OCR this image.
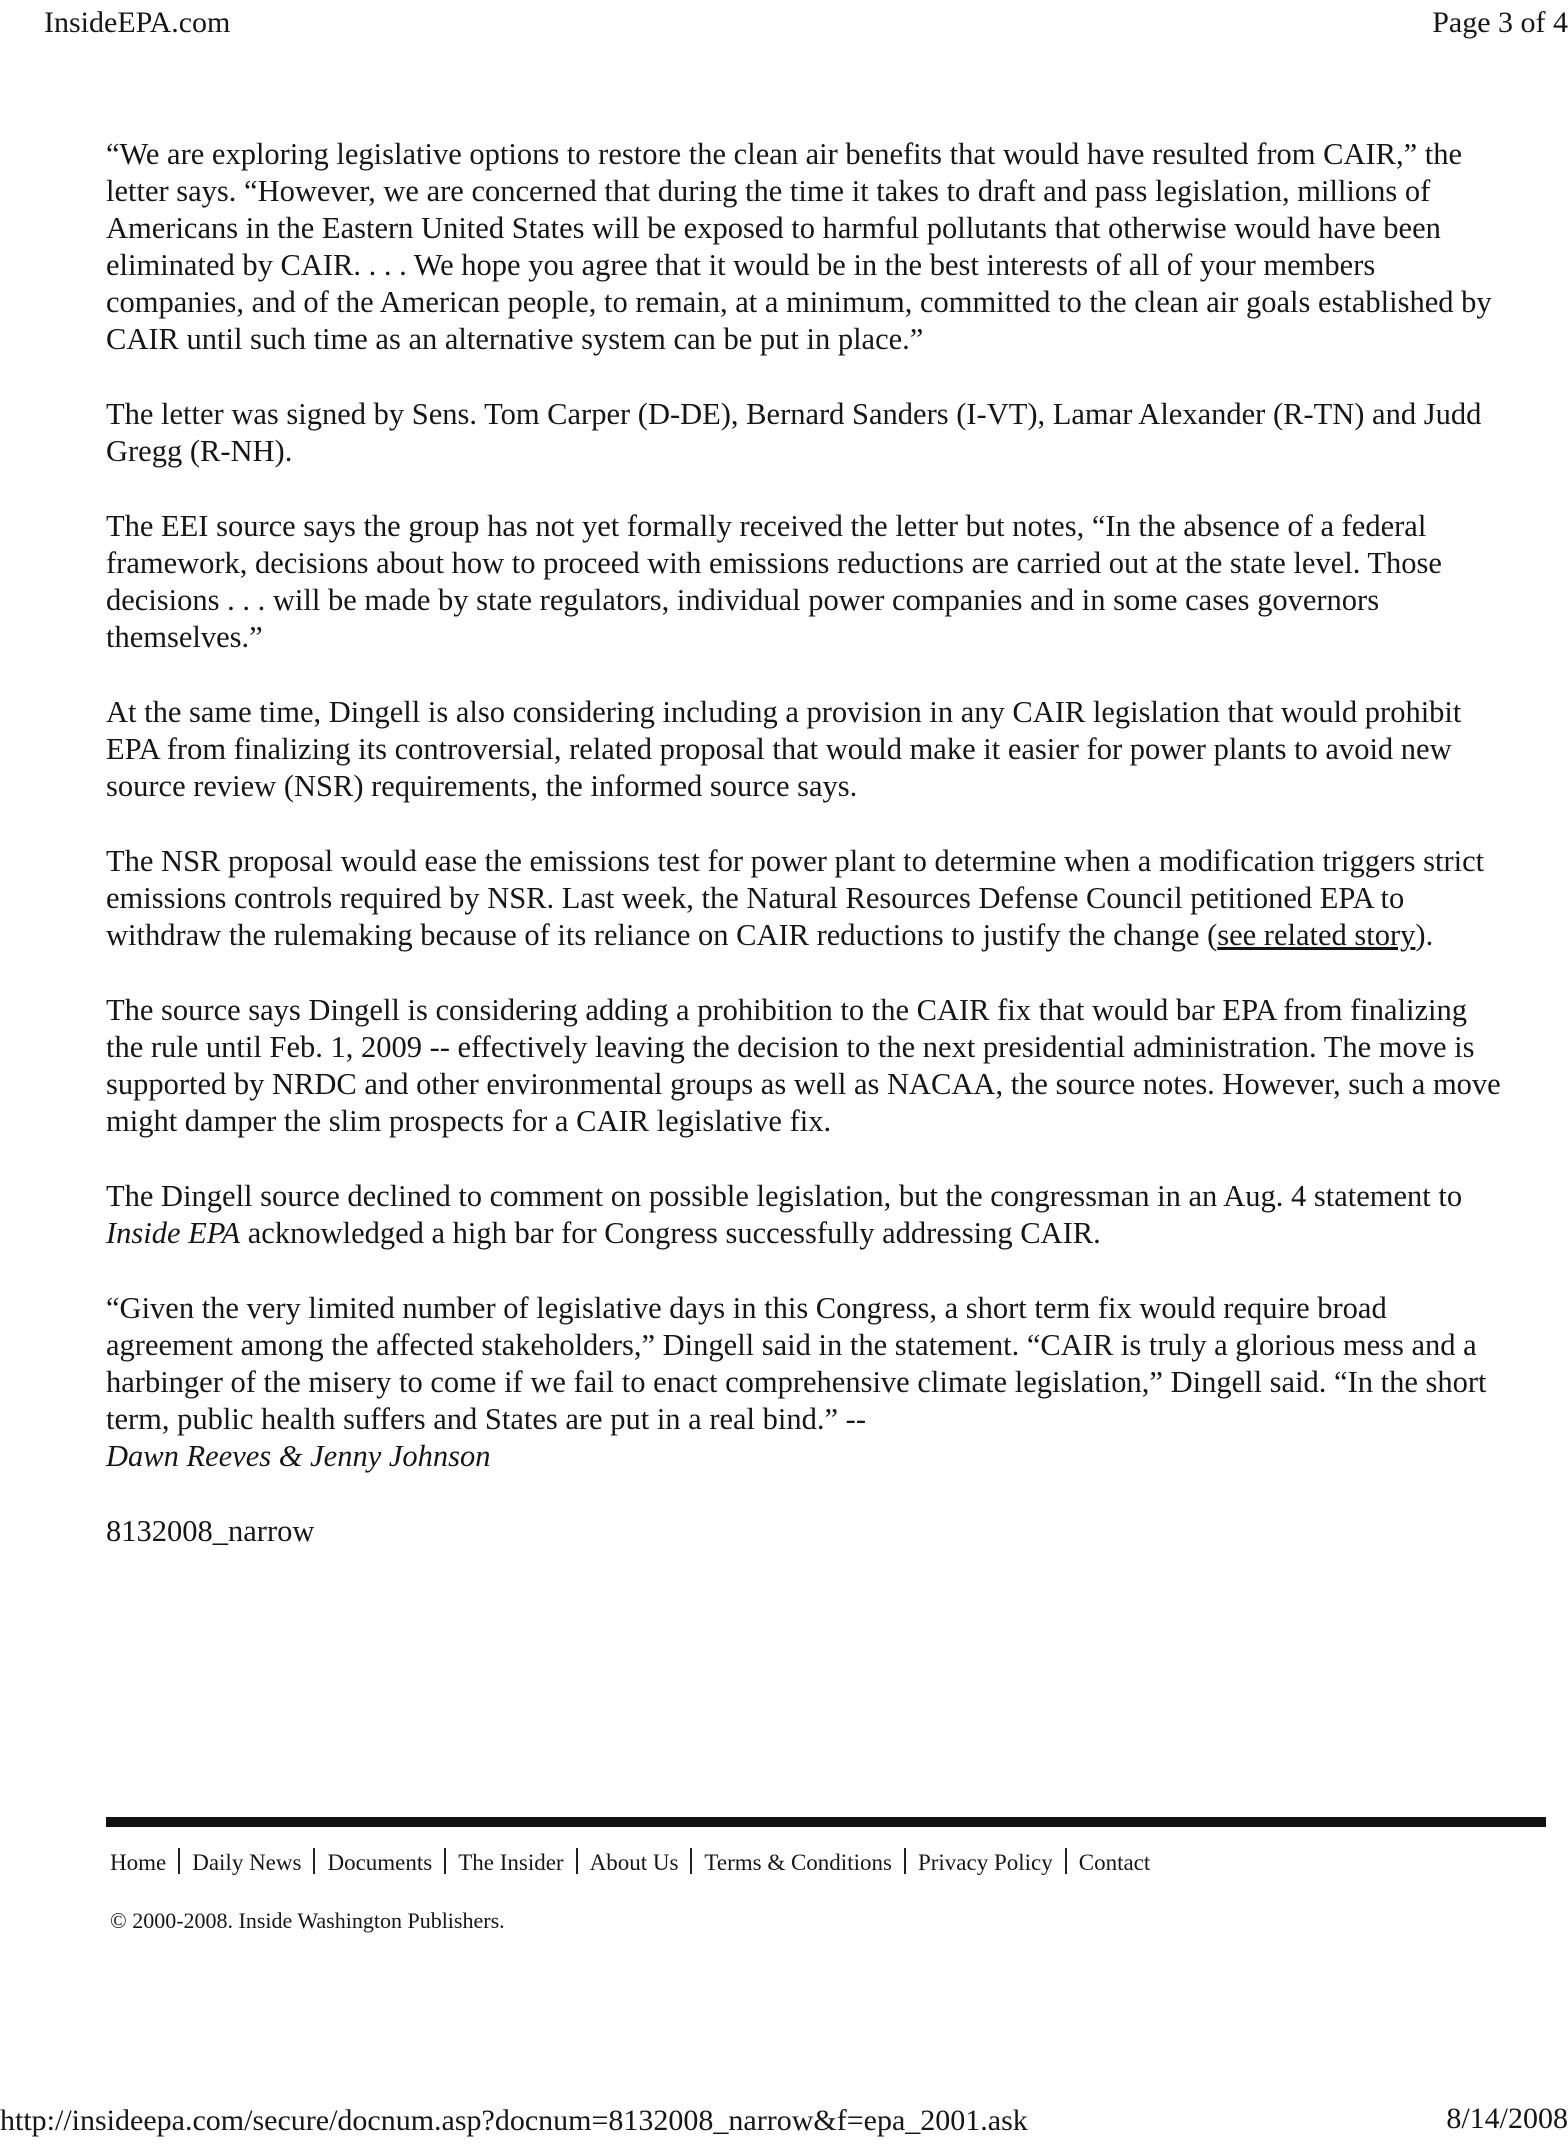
InsideEPA.com	Page 3 of 4

“We are exploring legislative options to restore the clean air benefits that would have resulted from CAIR,” the letter says. “However, we are concerned that during the time it takes to draft and pass legislation, millions of Americans in the Eastern United States will be exposed to harmful pollutants that otherwise would have been eliminated by CAIR. . . . We hope you agree that it would be in the best interests of all of your members companies, and of the American people, to remain, at a minimum, committed to the clean air goals established by CAIR until such time as an alternative system can be put in place.”

The letter was signed by Sens. Tom Carper (D-DE), Bernard Sanders (I-VT), Lamar Alexander (R-TN) and Judd Gregg (R-NH).

The EEI source says the group has not yet formally received the letter but notes, “In the absence of a federal framework, decisions about how to proceed with emissions reductions are carried out at the state level. Those decisions . . . will be made by state regulators, individual power companies and in some cases governors themselves.”

At the same time, Dingell is also considering including a provision in any CAIR legislation that would prohibit EPA from finalizing its controversial, related proposal that would make it easier for power plants to avoid new source review (NSR) requirements, the informed source says.

The NSR proposal would ease the emissions test for power plant to determine when a modification triggers strict emissions controls required by NSR. Last week, the Natural Resources Defense Council petitioned EPA to withdraw the rulemaking because of its reliance on CAIR reductions to justify the change (see related story).

The source says Dingell is considering adding a prohibition to the CAIR fix that would bar EPA from finalizing the rule until Feb. 1, 2009 -- effectively leaving the decision to the next presidential administration. The move is supported by NRDC and other environmental groups as well as NACAA, the source notes. However, such a move might damper the slim prospects for a CAIR legislative fix.

The Dingell source declined to comment on possible legislation, but the congressman in an Aug. 4 statement to Inside EPA acknowledged a high bar for Congress successfully addressing CAIR.

“Given the very limited number of legislative days in this Congress, a short term fix would require broad agreement among the affected stakeholders,” Dingell said in the statement. “CAIR is truly a glorious mess and a harbinger of the misery to come if we fail to enact comprehensive climate legislation,” Dingell said. “In the short term, public health suffers and States are put in a real bind.” --
Dawn Reeves & Jenny Johnson

8132008_narrow

Home Daily News Documents The Insider About Us Terms & Conditions Privacy Policy Contact
© 2000-2008. Inside Washington Publishers.
http://insideepa.com/secure/docnum.asp?docnum=8132008_narrow&f=epa_2001.ask	8/14/2008
